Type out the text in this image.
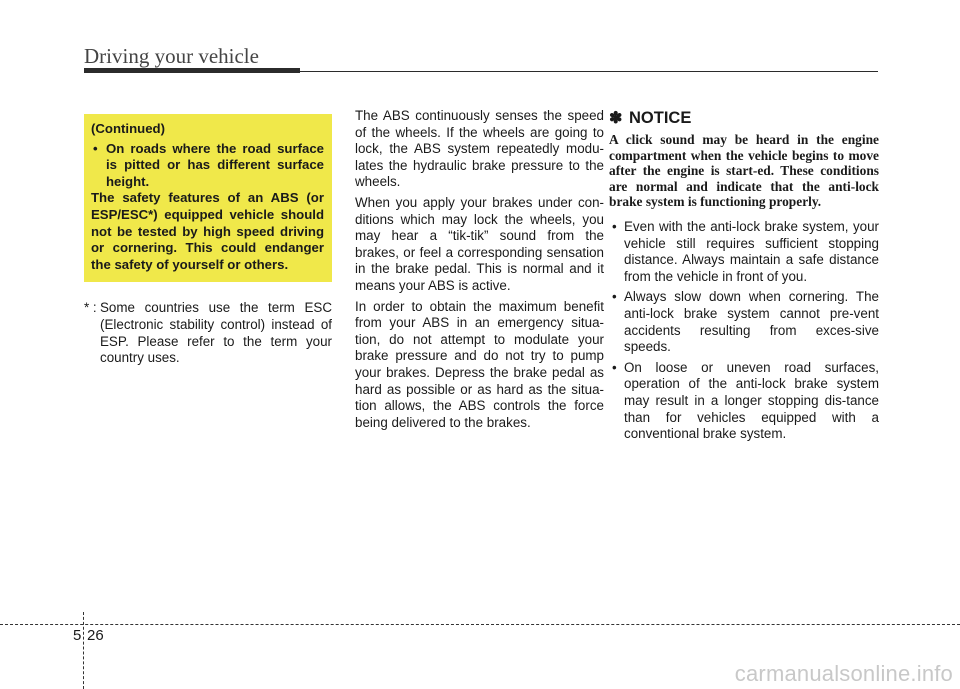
Driving your vehicle

(Continued)

• On roads where the road surface is pitted or has different surface height.

The safety features of an ABS (or ESP/ESC*) equipped vehicle should not be tested by high speed driving or cornering. This could endanger the safety of yourself or others.

* : Some countries use the term ESC (Electronic stability control) instead of ESP. Please refer to the term your country uses.

The ABS continuously senses the speed of the wheels. If the wheels are going to lock, the ABS system repeatedly modu-lates the hydraulic brake pressure to the wheels.

When you apply your brakes under con-ditions which may lock the wheels, you may hear a “tik-tik” sound from the brakes, or feel a corresponding sensation in the brake pedal. This is normal and it means your ABS is active.

In order to obtain the maximum benefit from your ABS in an emergency situa-tion, do not attempt to modulate your brake pressure and do not try to pump your brakes. Depress the brake pedal as hard as possible or as hard as the situa-tion allows, the ABS controls the force being delivered to the brakes.

✽ NOTICE

A click sound may be heard in the engine compartment when the vehicle begins to move after the engine is start-ed. These conditions are normal and indicate that the anti-lock brake system is functioning properly.

• Even with the anti-lock brake system, your vehicle still requires sufficient stopping distance. Always maintain a safe distance from the vehicle in front of you.
• Always slow down when cornering. The anti-lock brake system cannot pre-vent accidents resulting from exces-sive speeds.
• On loose or uneven road surfaces, operation of the anti-lock brake system may result in a longer stopping dis-tance than for vehicles equipped with a conventional brake system.
5 26
carmanualsonline.info
